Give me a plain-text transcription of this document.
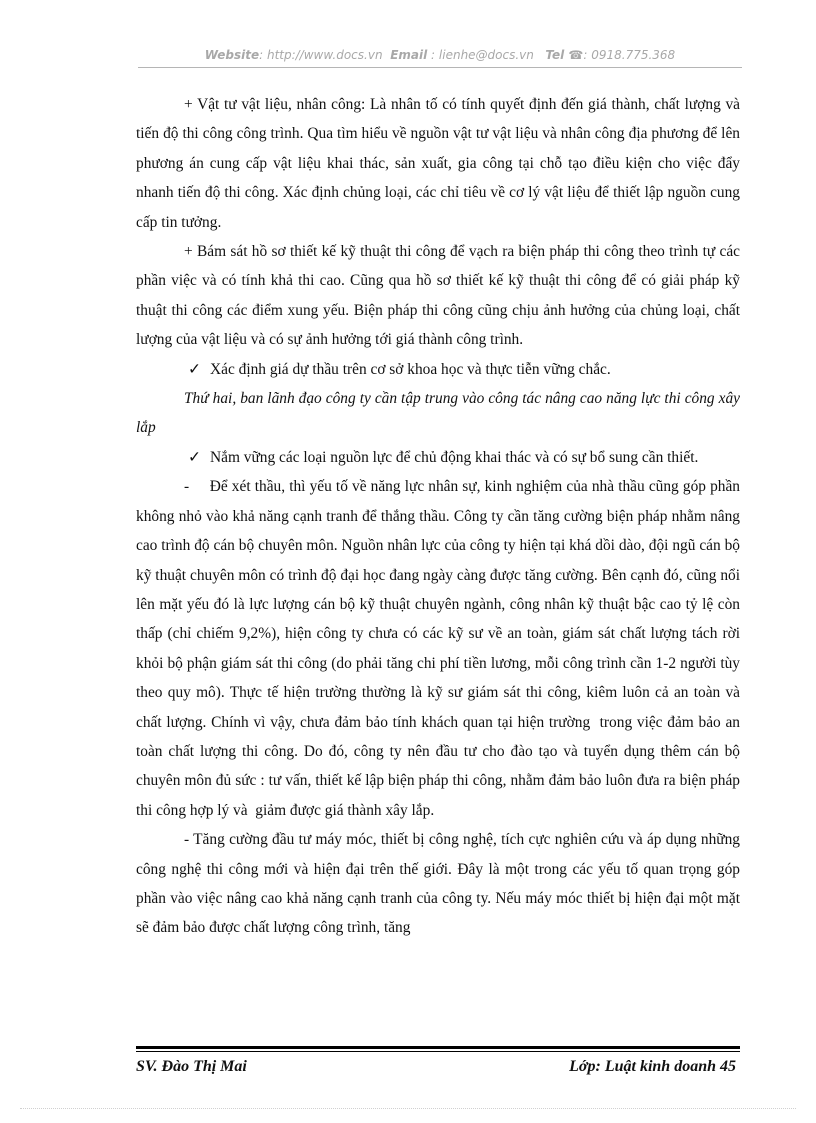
Website: http://www.docs.vn Email : lienhe@docs.vn Tel ☎: 0918.775.368

+ Vật tư vật liệu, nhân công: Là nhân tố có tính quyết định đến giá thành, chất lượng và tiến độ thi công công trình. Qua tìm hiểu về nguồn vật tư vật liệu và nhân công địa phương để lên phương án cung cấp vật liệu khai thác, sản xuất, gia công tại chỗ tạo điều kiện cho việc đẩy nhanh tiến độ thi công. Xác định chủng loại, các chỉ tiêu về cơ lý vật liệu để thiết lập nguồn cung cấp tin tưởng.

+ Bám sát hồ sơ thiết kế kỹ thuật thi công để vạch ra biện pháp thi công theo trình tự các phần việc và có tính khả thi cao. Cũng qua hồ sơ thiết kế kỹ thuật thi công để có giải pháp kỹ thuật thi công các điểm xung yếu. Biện pháp thi công cũng chịu ảnh hưởng của chủng loại, chất lượng của vật liệu và có sự ảnh hưởng tới giá thành công trình.

✓ Xác định giá dự thầu trên cơ sở khoa học và thực tiễn vững chắc.

Thứ hai, ban lãnh đạo công ty cần tập trung vào công tác nâng cao năng lực thi công xây lắp

✓ Nắm vững các loại nguồn lực để chủ động khai thác và có sự bổ sung cần thiết.

-     Để xét thầu, thì yếu tố về năng lực nhân sự, kinh nghiệm của nhà thầu cũng góp phần không nhỏ vào khả năng cạnh tranh để thắng thầu. Công ty cần tăng cường biện pháp nhằm nâng cao trình độ cán bộ chuyên môn. Nguồn nhân lực của công ty hiện tại khá dồi dào, đội ngũ cán bộ kỹ thuật chuyên môn có trình độ đại học đang ngày càng được tăng cường. Bên cạnh đó, cũng nổi lên mặt yếu đó là lực lượng cán bộ kỹ thuật chuyên ngành, công nhân kỹ thuật bậc cao tỷ lệ còn thấp (chỉ chiếm 9,2%), hiện công ty chưa có các kỹ sư về an toàn, giám sát chất lượng tách rời khỏi bộ phận giám sát thi công (do phải tăng chi phí tiền lương, mỗi công trình cần 1-2 người tùy theo quy mô). Thực tế hiện trường thường là kỹ sư giám sát thi công, kiêm luôn cả an toàn và chất lượng. Chính vì vậy, chưa đảm bảo tính khách quan tại hiện trường  trong việc đảm bảo an toàn chất lượng thi công. Do đó, công ty nên đầu tư cho đào tạo và tuyển dụng thêm cán bộ chuyên môn đủ sức : tư vấn, thiết kế lập biện pháp thi công, nhằm đảm bảo luôn đưa ra biện pháp thi công hợp lý và  giảm được giá thành xây lắp.

- Tăng cường đầu tư máy móc, thiết bị công nghệ, tích cực nghiên cứu và áp dụng những công nghệ thi công mới và hiện đại trên thế giới. Đây là một trong các yếu tố quan trọng góp phần vào việc nâng cao khả năng cạnh tranh của công ty. Nếu máy móc thiết bị hiện đại một mặt sẽ đảm bảo được chất lượng công trình, tăng

SV. Đào Thị Mai	Lớp: Luật kinh doanh 45
